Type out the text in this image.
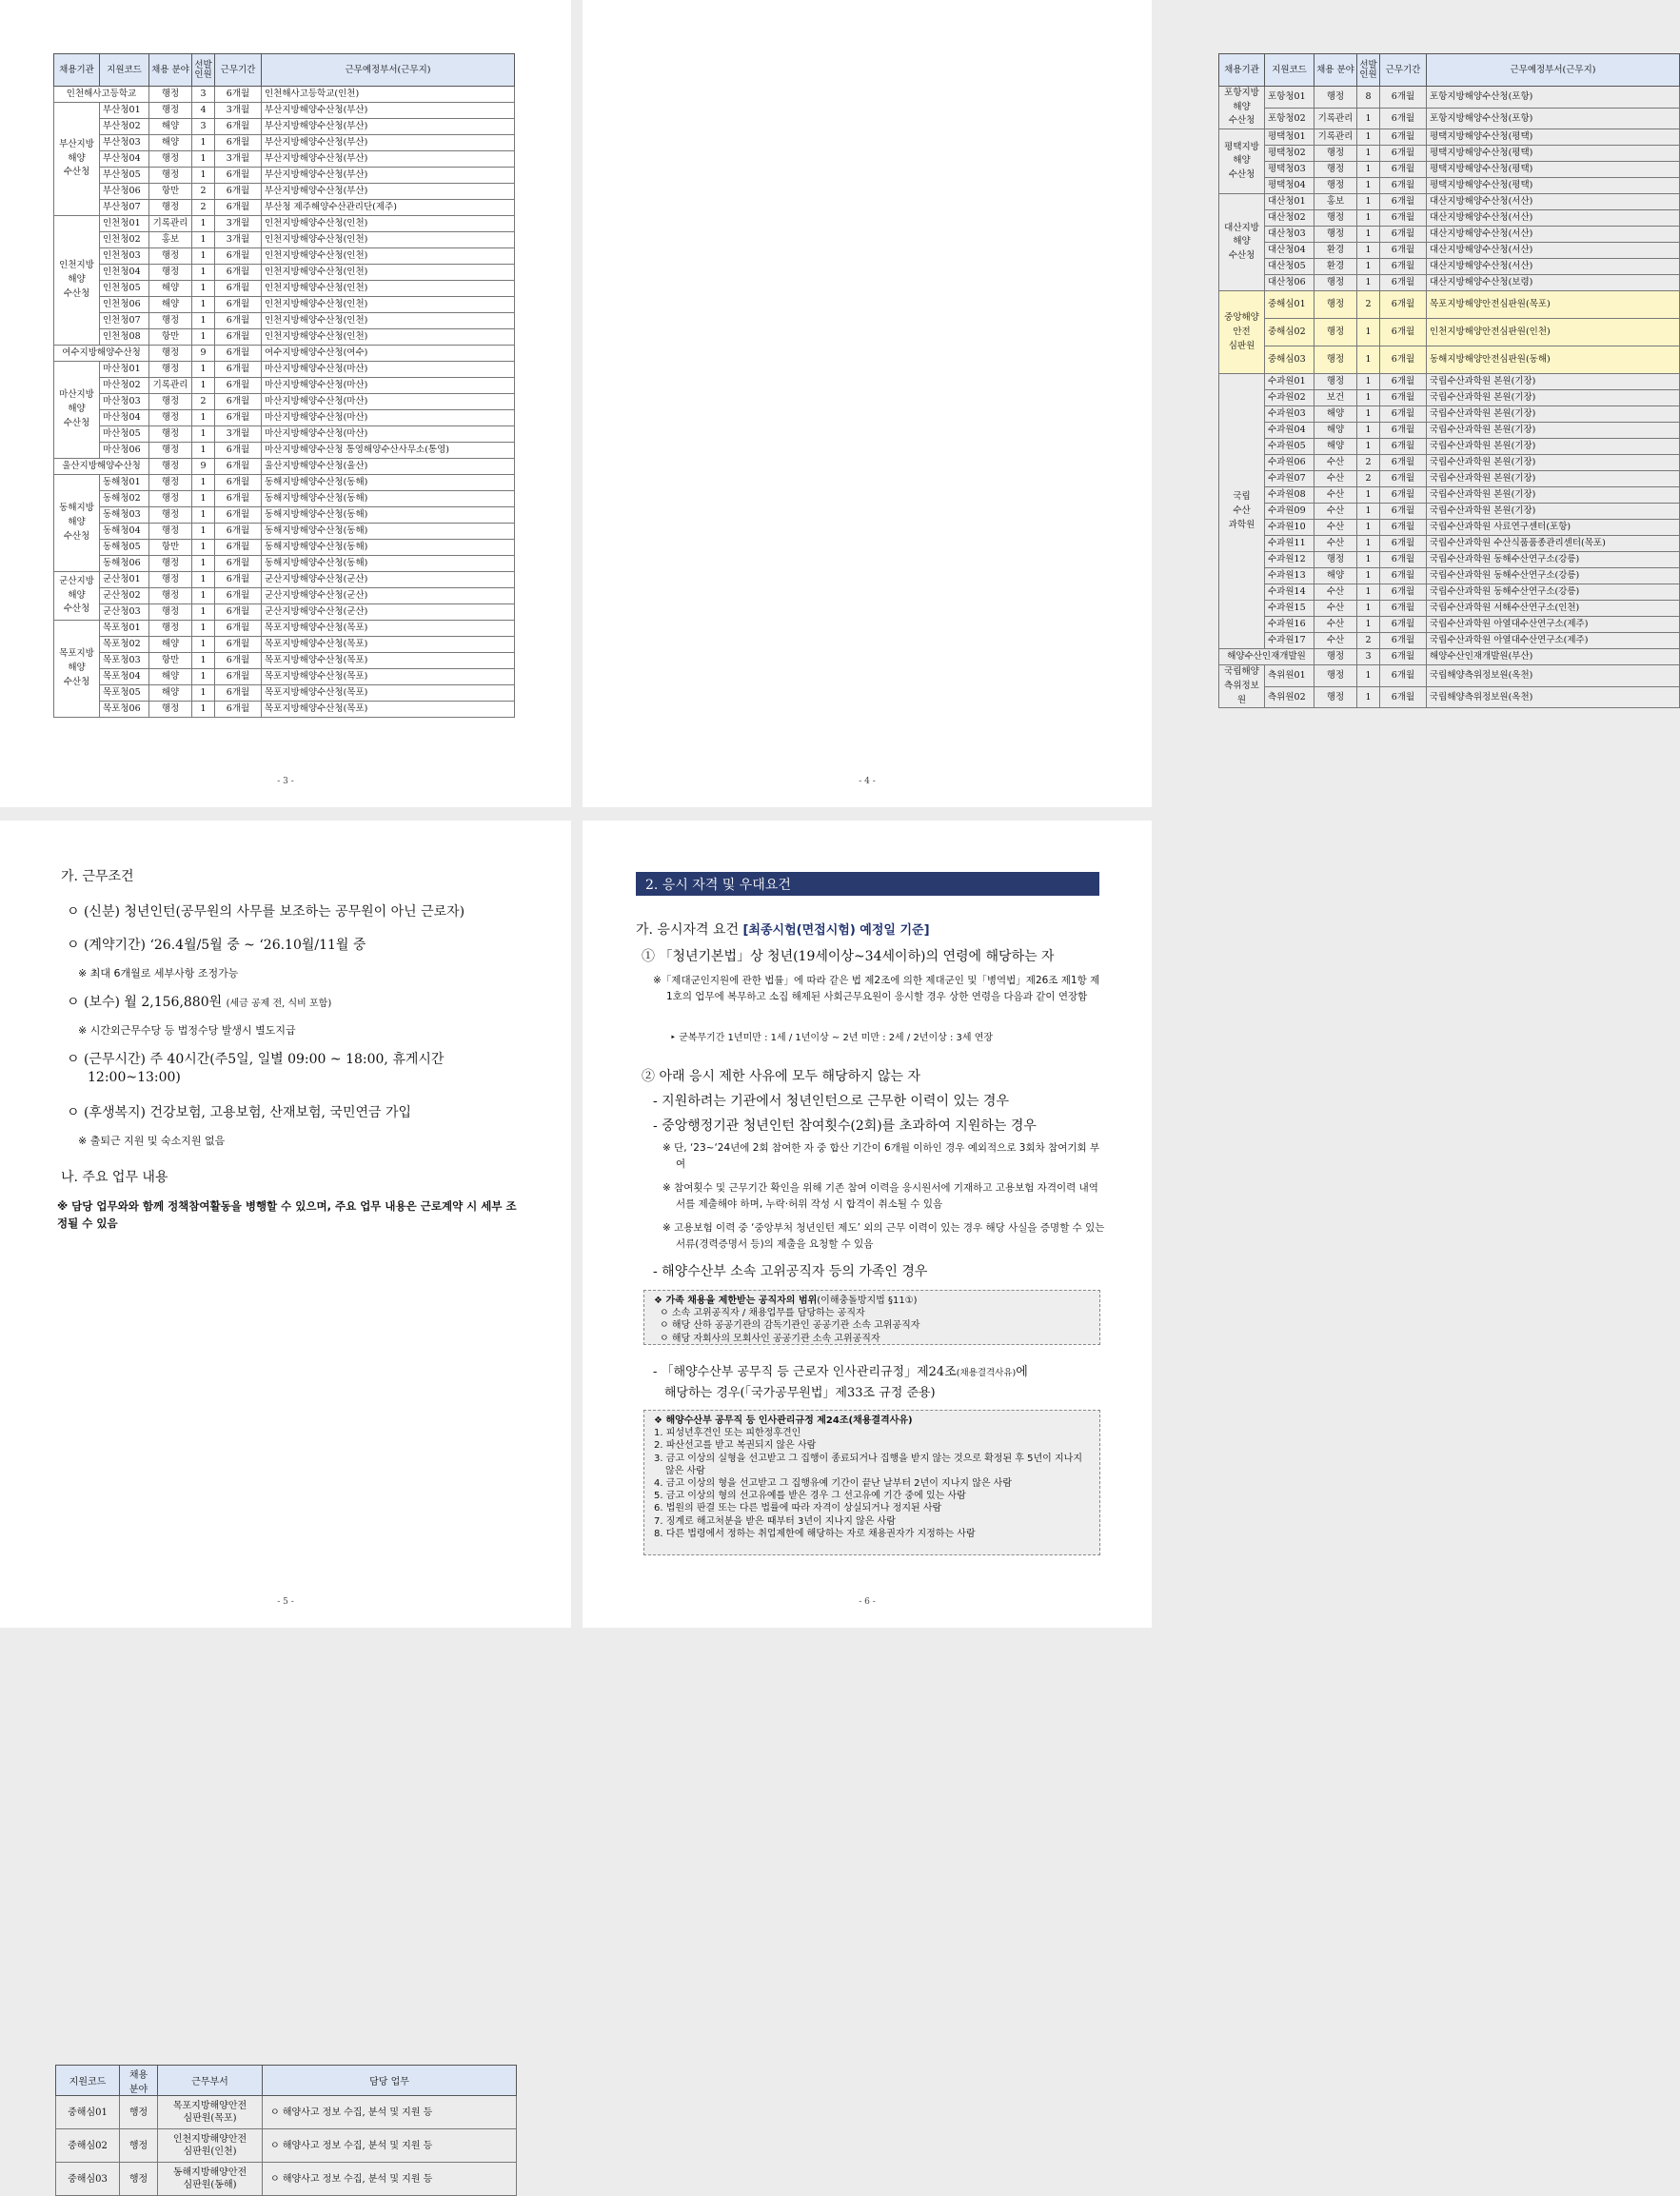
채용기관	지원코드	채용 분야	선발
인원	근무기간	근무예정부서(근무지)
인천해사고등학교		행정	3	6개월	인천해사고등학교(인천)
부산지방
해양
수산청	부산청01	행정	4	3개월	부산지방해양수산청(부산)
	부산청02	해양	3	6개월	부산지방해양수산청(부산)
	부산청03	해양	1	6개월	부산지방해양수산청(부산)
	부산청04	행정	1	3개월	부산지방해양수산청(부산)
	부산청05	행정	1	6개월	부산지방해양수산청(부산)
	부산청06	항만	2	6개월	부산지방해양수산청(부산)
	부산청07	행정	2	6개월	부산청 제주해양수산관리단(제주)
인천지방
해양
수산청	인천청01	기록관리	1	3개월	인천지방해양수산청(인천)
	인천청02	홍보	1	3개월	인천지방해양수산청(인천)
	인천청03	행정	1	6개월	인천지방해양수산청(인천)
	인천청04	행정	1	6개월	인천지방해양수산청(인천)
	인천청05	해양	1	6개월	인천지방해양수산청(인천)
	인천청06	해양	1	6개월	인천지방해양수산청(인천)
	인천청07	행정	1	6개월	인천지방해양수산청(인천)
	인천청08	항만	1	6개월	인천지방해양수산청(인천)
여수지방해양수산청		행정	9	6개월	여수지방해양수산청(여수)
마산지방
해양
수산청	마산청01	행정	1	6개월	마산지방해양수산청(마산)
	마산청02	기록관리	1	6개월	마산지방해양수산청(마산)
	마산청03	행정	2	6개월	마산지방해양수산청(마산)
	마산청04	행정	1	6개월	마산지방해양수산청(마산)
	마산청05	행정	1	3개월	마산지방해양수산청(마산)
	마산청06	행정	1	6개월	마산지방해양수산청 통영해양수산사무소(통영)
울산지방해양수산청		행정	9	6개월	울산지방해양수산청(울산)
동해지방
해양
수산청	동해청01	행정	1	6개월	동해지방해양수산청(동해)
	동해청02	행정	1	6개월	동해지방해양수산청(동해)
	동해청03	행정	1	6개월	동해지방해양수산청(동해)
	동해청04	행정	1	6개월	동해지방해양수산청(동해)
	동해청05	항만	1	6개월	동해지방해양수산청(동해)
	동해청06	행정	1	6개월	동해지방해양수산청(동해)
군산지방
해양
수산청	군산청01	행정	1	6개월	군산지방해양수산청(군산)
	군산청02	행정	1	6개월	군산지방해양수산청(군산)
	군산청03	행정	1	6개월	군산지방해양수산청(군산)
목포지방
해양
수산청	목포청01	행정	1	6개월	목포지방해양수산청(목포)
	목포청02	해양	1	6개월	목포지방해양수산청(목포)
	목포청03	항만	1	6개월	목포지방해양수산청(목포)
	목포청04	해양	1	6개월	목포지방해양수산청(목포)
	목포청05	해양	1	6개월	목포지방해양수산청(목포)
	목포청06	행정	1	6개월	목포지방해양수산청(목포)
- 3 -
채용기관	지원코드	채용 분야	선발
인원	근무기간	근무예정부서(근무지)
포항지방
해양
수산청	포항청01	행정	8	6개월	포항지방해양수산청(포항)
	포항청02	기록관리	1	6개월	포항지방해양수산청(포항)
평택지방
해양
수산청	평택청01	기록관리	1	6개월	평택지방해양수산청(평택)
	평택청02	행정	1	6개월	평택지방해양수산청(평택)
	평택청03	행정	1	6개월	평택지방해양수산청(평택)
	평택청04	행정	1	6개월	평택지방해양수산청(평택)
대산지방
해양
수산청	대산청01	홍보	1	6개월	대산지방해양수산청(서산)
	대산청02	행정	1	6개월	대산지방해양수산청(서산)
	대산청03	행정	1	6개월	대산지방해양수산청(서산)
	대산청04	환경	1	6개월	대산지방해양수산청(서산)
	대산청05	환경	1	6개월	대산지방해양수산청(서산)
	대산청06	행정	1	6개월	대산지방해양수산청(보령)
중앙해양
안전
심판원	중해심01	행정	2	6개월	목포지방해양안전심판원(목포)
	중해심02	행정	1	6개월	인천지방해양안전심판원(인천)
	중해심03	행정	1	6개월	동해지방해양안전심판원(동해)
국립
수산
과학원	수과원01	행정	1	6개월	국립수산과학원 본원(기장)
	수과원02	보건	1	6개월	국립수산과학원 본원(기장)
	수과원03	해양	1	6개월	국립수산과학원 본원(기장)
	수과원04	해양	1	6개월	국립수산과학원 본원(기장)
	수과원05	해양	1	6개월	국립수산과학원 본원(기장)
	수과원06	수산	2	6개월	국립수산과학원 본원(기장)
	수과원07	수산	2	6개월	국립수산과학원 본원(기장)
	수과원08	수산	1	6개월	국립수산과학원 본원(기장)
	수과원09	수산	1	6개월	국립수산과학원 본원(기장)
	수과원10	수산	1	6개월	국립수산과학원 사료연구센터(포항)
	수과원11	수산	1	6개월	국립수산과학원 수산식품품종관리센터(목포)
	수과원12	행정	1	6개월	국립수산과학원 동해수산연구소(강릉)
	수과원13	해양	1	6개월	국립수산과학원 동해수산연구소(강릉)
	수과원14	수산	1	6개월	국립수산과학원 동해수산연구소(강릉)
	수과원15	수산	1	6개월	국립수산과학원 서해수산연구소(인천)
	수과원16	수산	1	6개월	국립수산과학원 아열대수산연구소(제주)
	수과원17	수산	2	6개월	국립수산과학원 아열대수산연구소(제주)
해양수산인재개발원		행정	3	6개월	해양수산인재개발원(부산)
국립해양
측위정보원	측위원01	행정	1	6개월	국립해양측위정보원(옥천)
	측위원02	행정	1	6개월	국립해양측위정보원(옥천)
- 4 -
가. 근무조건
ㅇ (신분) 청년인턴(공무원의 사무를 보조하는 공무원이 아닌 근로자)
ㅇ (계약기간) ‘26.4월/5월 중 ~ ‘26.10월/11월 중
※ 최대 6개월로 세부사항 조정가능
ㅇ (보수) 월 2,156,880원 (세금 공제 전, 식비 포함)
※ 시간외근무수당 등 법정수당 발생시 별도지급
ㅇ (근무시간) 주 40시간(주5일, 일별 09:00 ~ 18:00, 휴게시간
12:00~13:00)
ㅇ (후생복지) 건강보험, 고용보험, 산재보험, 국민연금 가입
※ 출퇴근 지원 및 숙소지원 없음
나. 주요 업무 내용
※ 담당 업무와와 함께 정책참여활동을 병행할 수 있으며, 주요 업무 내용은 근로계약 시 세부 조정될 수 있음
지원코드	채용
분야	근무부서	담당 업무
중해심01	행정	목포지방해양안전
심판원(목포)	ㅇ 해양사고 정보 수집, 분석 및 지원 등
중해심02	행정	인천지방해양안전
심판원(인천)	ㅇ 해양사고 정보 수집, 분석 및 지원 등
중해심03	행정	동해지방해양안전
심판원(동해)	ㅇ 해양사고 정보 수집, 분석 및 지원 등
- 5 -
2. 응시 자격 및 우대요건
가. 응시자격 요건 [최종시험(면접시험) 예정일 기준]
① 「청년기본법」상 청년(19세이상~34세이하)의 연령에 해당하는 자
※「제대군인지원에 관한 법률」에 따라 같은 법 제2조에 의한 제대군인 및「병역법」제26조 제1항 제1호의 업무에 복무하고 소집 해제된 사회근무요원이 응시할 경우 상한 연령을 다음과 같이 연장함
‣ 군복무기간 1년미만 : 1세 / 1년이상 ~ 2년 미만 : 2세 / 2년이상 : 3세 연장
② 아래 응시 제한 사유에 모두 해당하지 않는 자
- 지원하려는 기관에서 청년인턴으로 근무한 이력이 있는 경우
- 중앙행정기관 청년인턴 참여횟수(2회)를 초과하여 지원하는 경우
※ 단, ‘23~‘24년에 2회 참여한 자 중 합산 기간이 6개월 이하인 경우 예외적으로 3회차 참여기회 부여
※ 참여횟수 및 근무기간 확인을 위해 기존 참여 이력을 응시원서에 기재하고 고용보험 자격이력 내역서를 제출해야 하며, 누락·허위 작성 시 합격이 취소될 수 있음
※ 고용보험 이력 중 ‘중앙부처 청년인턴 제도’ 외의 근무 이력이 있는 경우 해당 사실을 증명할 수 있는 서류(경력증명서 등)의 제출을 요청할 수 있음
- 해양수산부 소속 고위공직자 등의 가족인 경우
❖ 가족 채용을 제한받는 공직자의 범위(이해충돌방지법 §11①)
ㅇ 소속 고위공직자 / 채용업무를 담당하는 공직자
ㅇ 해당 산하 공공기관의 감독기관인 공공기관 소속 고위공직자
ㅇ 해당 자회사의 모회사인 공공기관 소속 고위공직자
- 「해양수산부 공무직 등 근로자 인사관리규정」제24조(채용결격사유)에
해당하는 경우(「국가공무원법」제33조 규정 준용)
❖ 해양수산부 공무직 등 인사관리규정 제24조(채용결격사유)
1. 피성년후견인 또는 피한정후견인
2. 파산선고를 받고 복권되지 않은 사람
3. 금고 이상의 실형을 선고받고 그 집행이 종료되거나 집행을 받지 않는 것으로 확정된 후 5년이 지나지 않은 사람
4. 금고 이상의 형을 선고받고 그 집행유예 기간이 끝난 날부터 2년이 지나지 않은 사람
5. 금고 이상의 형의 선고유예를 받은 경우 그 선고유예 기간 중에 있는 사람
6. 법원의 판결 또는 다른 법률에 따라 자격이 상실되거나 정지된 사람
7. 징계로 해고처분을 받은 때부터 3년이 지나지 않은 사람
8. 다른 법령에서 정하는 취업제한에 해당하는 자로 채용권자가 지정하는 사람
- 6 -
